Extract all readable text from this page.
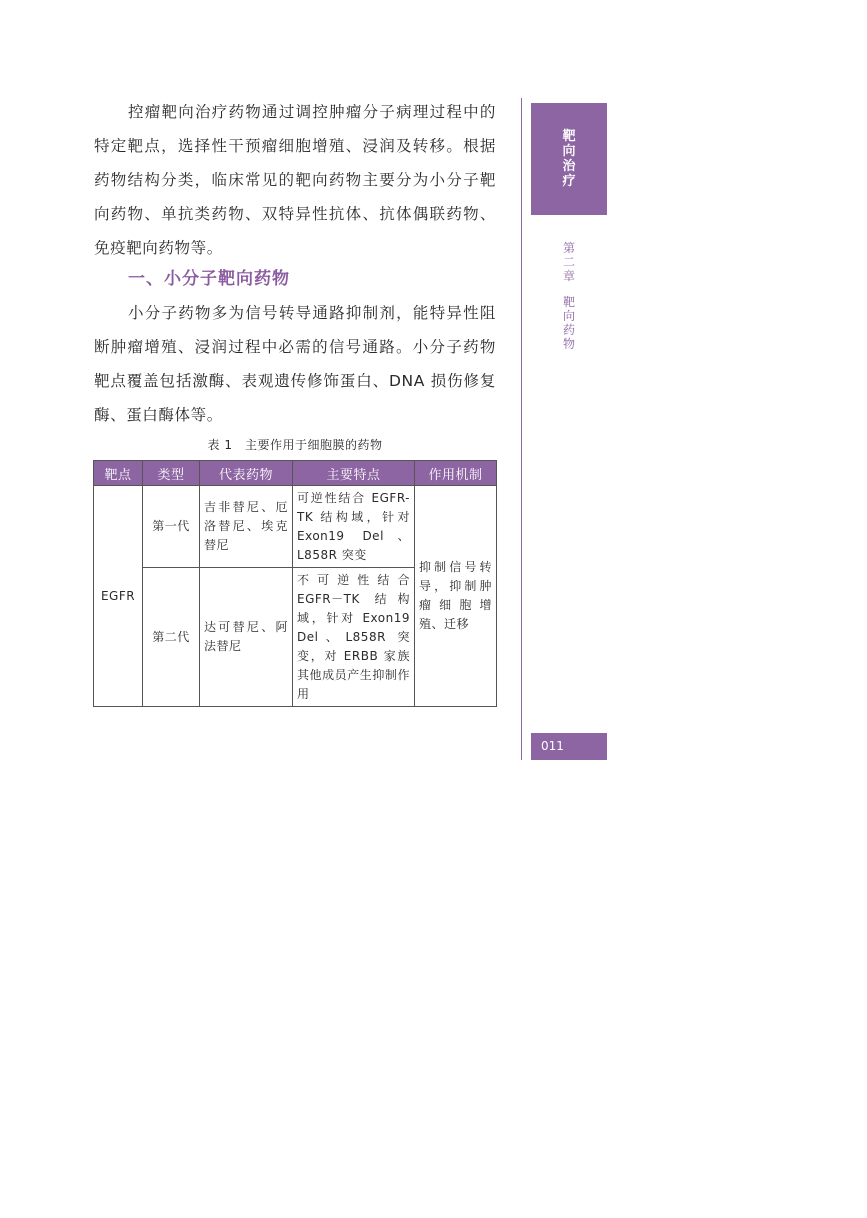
控瘤靶向治疗药物通过调控肿瘤分子病理过程中的特定靶点，选择性干预瘤细胞增殖、浸润及转移。根据药物结构分类，临床常见的靶向药物主要分为小分子靶向药物、单抗类药物、双特异性抗体、抗体偶联药物、免疫靶向药物等。
一、小分子靶向药物
小分子药物多为信号转导通路抑制剂，能特异性阻断肿瘤增殖、浸润过程中必需的信号通路。小分子药物靶点覆盖包括激酶、表观遗传修饰蛋白、DNA 损伤修复酶、蛋白酶体等。
表 1　主要作用于细胞膜的药物
靶点	类型	代表药物	主要特点	作用机制
EGFR	第一代	吉非替尼、厄洛替尼、埃克替尼	可逆性结合 EGFR-TK 结构域，针对 Exon19 Del、L858R 突变	抑制信号转导，抑制肿瘤细胞增殖、迁移
	第二代	达可替尼、阿法替尼	不可逆性结合 EGFR－TK 结构域，针对 Exon19 Del、L858R 突变，对 ERBB 家族其他成员产生抑制作用	
靶
向
治
疗
第
二
章
靶
向
药
物
011
